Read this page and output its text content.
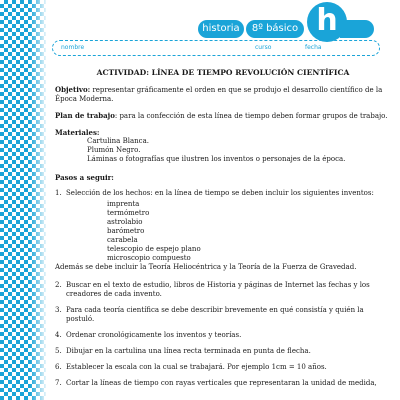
historia	8º básico h
nombre	curso	fecha
ACTIVIDAD: LÍNEA DE TIEMPO REVOLUCIÓN CIENTÍFICA
Objetivo: representar gráficamente el orden en que se produjo el desarrollo científico de la Época Moderna.
Plan de trabajo: para la confección de esta línea de tiempo deben formar grupos de trabajo.
Materiales:
Cartulina Blanca.
Plumón Negro.
Láminas o fotografías que ilustren los inventos o personajes de la época.
Pasos a seguir:
1. Selección de los hechos: en la línea de tiempo se deben incluir los siguientes inventos:
imprenta
termómetro
astrolabio
barómetro
carabela
telescopio de espejo plano
microscopio compuesto
Además se debe incluir la Teoría Heliocéntrica y la Teoría de la Fuerza de Gravedad.
2. Buscar en el texto de estudio, libros de Historia y páginas de Internet las fechas y los creadores de cada invento.
3. Para cada teoría científica se debe describir brevemente en qué consistía y quién la postuló.
4. Ordenar cronológicamente los inventos y teorías.
5. Dibujar en la cartulina una línea recta terminada en punta de flecha.
6. Establecer la escala con la cual se trabajará. Por ejemplo 1cm = 10 años.
7. Cortar la líneas de tiempo con rayas verticales que representaran la unidad de medida,
